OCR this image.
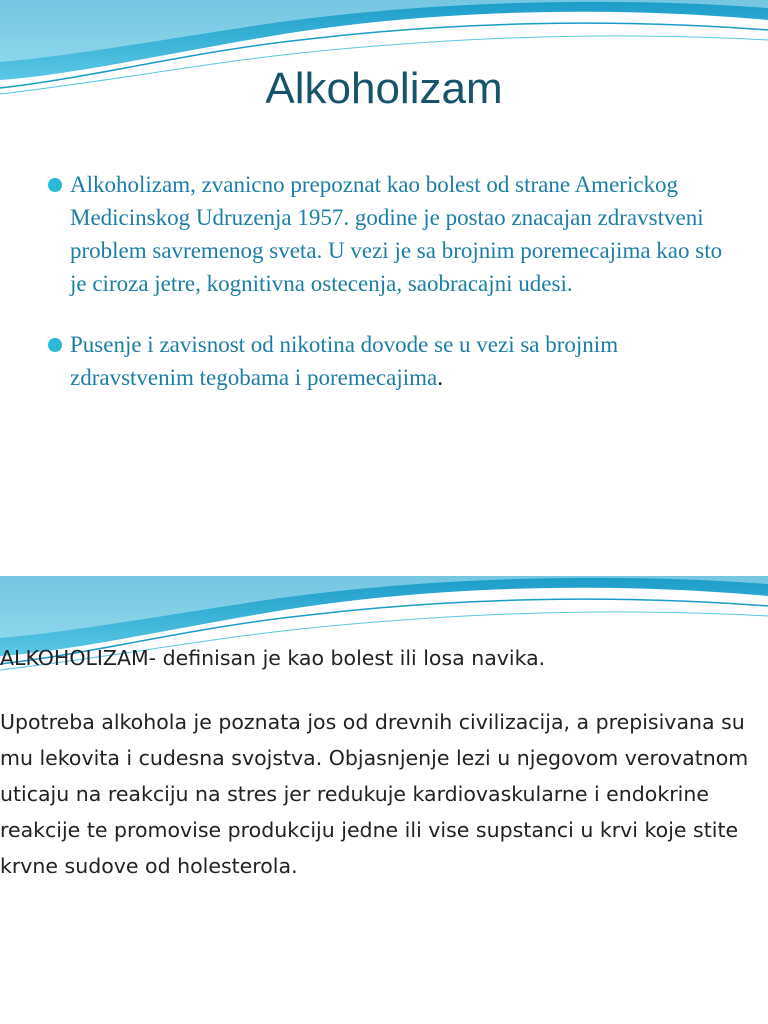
Alkoholizam
Alkoholizam, zvanicno prepoznat kao bolest od strane Americkog Medicinskog Udruzenja 1957. godine je postao znacajan zdravstveni problem savremenog sveta. U vezi je sa brojnim poremecajima kao sto je ciroza jetre, kognitivna ostecenja, saobracajni udesi.
Pusenje i zavisnost od nikotina dovode se u vezi sa brojnim zdravstvenim tegobama i poremecajima.

ALKOHOLIZAM- definisan je kao bolest ili losa navika.

Upotreba alkohola je poznata jos od drevnih civilizacija, a prepisivana su mu lekovita i cudesna svojstva. Objasnjenje lezi u njegovom verovatnom uticaju na reakciju na stres jer redukuje kardiovaskularne i endokrine reakcije te promovise produkciju jedne ili vise supstanci u krvi koje stite krvne sudove od holesterola.
